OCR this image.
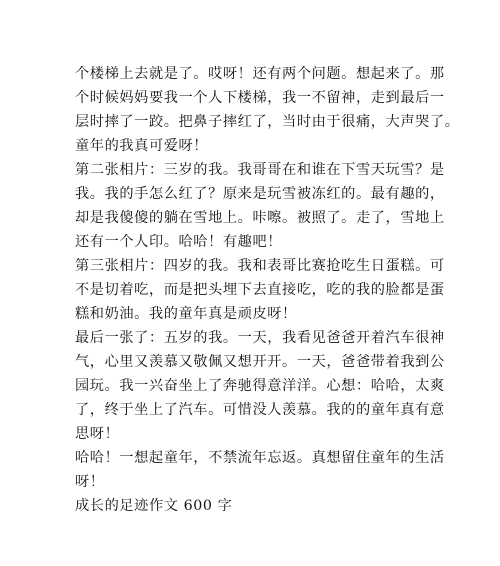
个楼梯上去就是了。哎呀！还有两个问题。想起来了。那
个时候妈妈要我一个人下楼梯，我一不留神，走到最后一
层时摔了一跤。把鼻子摔红了，当时由于很痛，大声哭了。
童年的我真可爱呀！
第二张相片：三岁的我。我哥哥在和谁在下雪天玩雪？是
我。我的手怎么红了？原来是玩雪被冻红的。最有趣的，
却是我傻傻的躺在雪地上。咔嚓。被照了。走了，雪地上
还有一个人印。哈哈！有趣吧！
第三张相片：四岁的我。我和表哥比赛抢吃生日蛋糕。可
不是切着吃，而是把头埋下去直接吃，吃的我的脸都是蛋
糕和奶油。我的童年真是顽皮呀！
最后一张了：五岁的我。一天，我看见爸爸开着汽车很神
气，心里又羡慕又敬佩又想开开。一天，爸爸带着我到公
园玩。我一兴奋坐上了奔驰得意洋洋。心想：哈哈，太爽
了，终于坐上了汽车。可惜没人羡慕。我的的童年真有意
思呀！
哈哈！一想起童年，不禁流年忘返。真想留住童年的生活
呀！
成长的足迹作文 600 字
